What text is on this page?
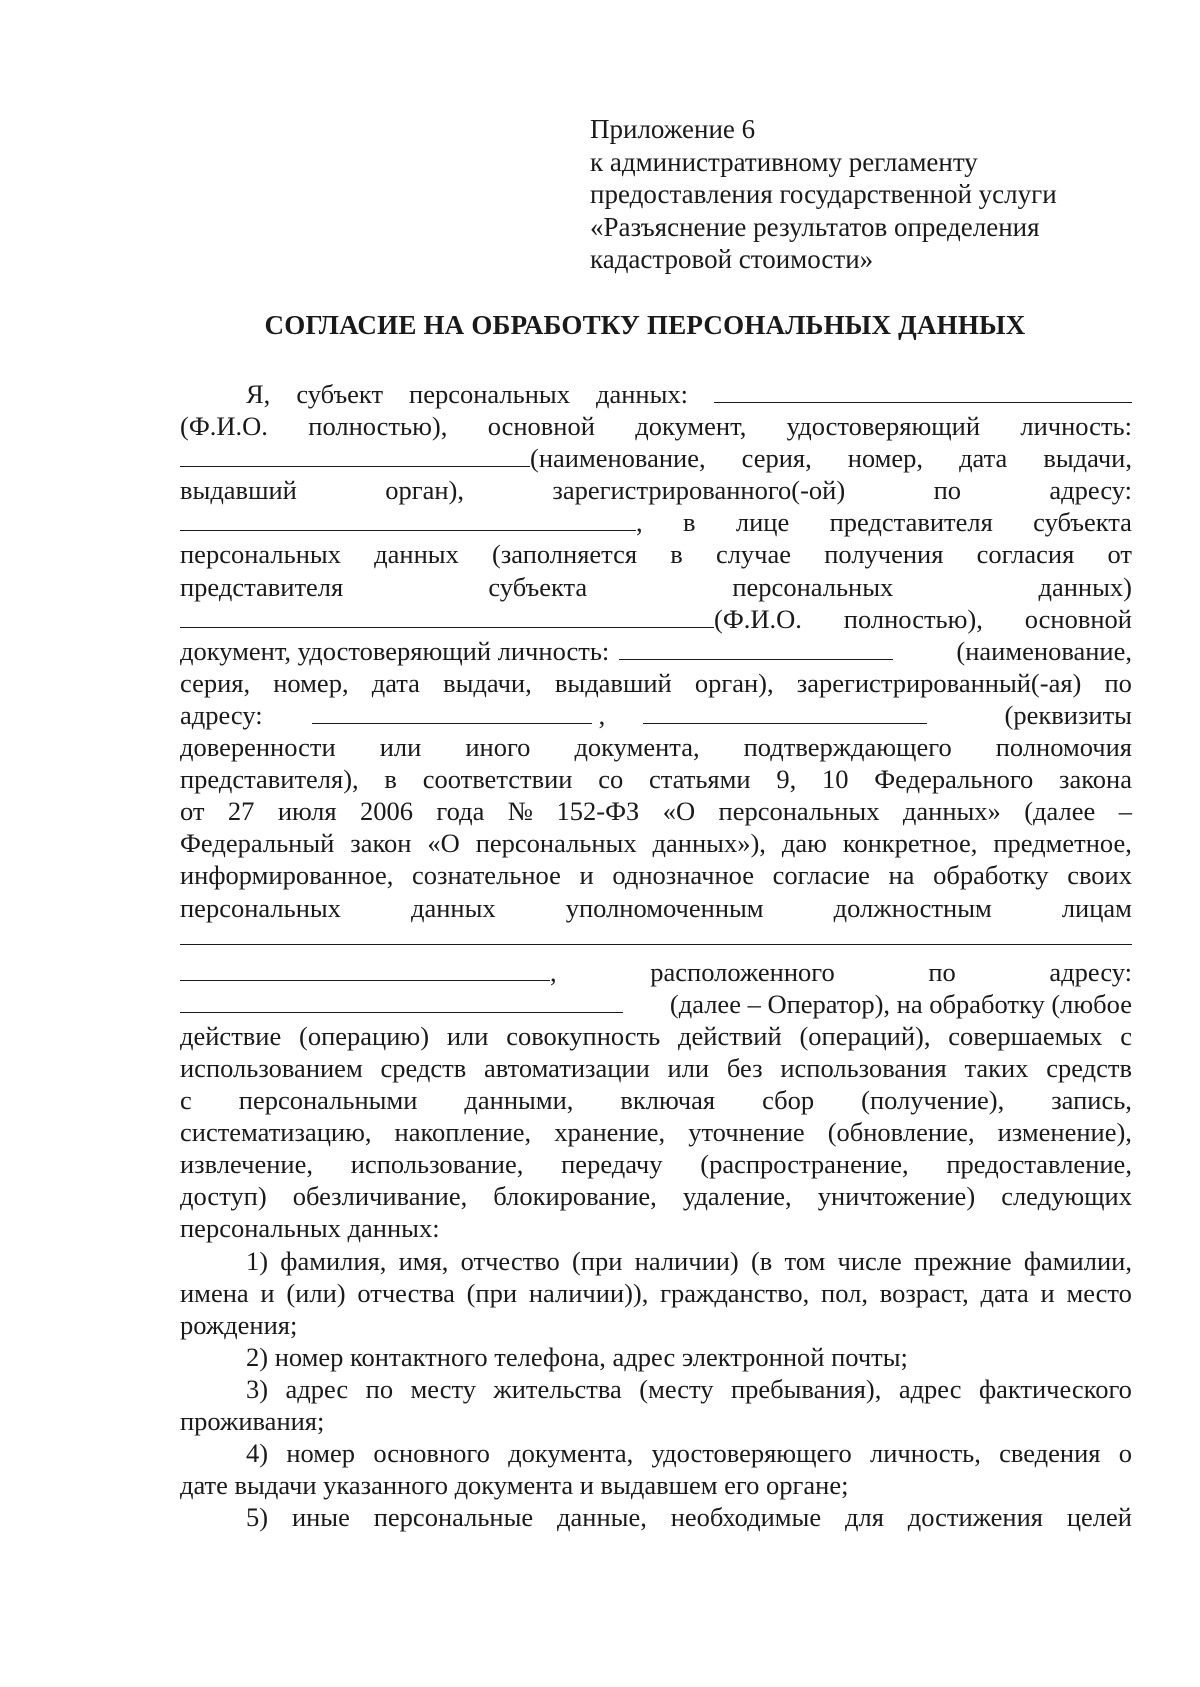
Приложение 6
к административному регламенту
предоставления государственной услуги
«Разъяснение результатов определения
кадастровой стоимости»
СОГЛАСИЕ НА ОБРАБОТКУ ПЕРСОНАЛЬНЫХ ДАННЫХ
Я, субъект персональных данных:
(Ф.И.О. полностью), основной документ, удостоверяющий личность:
(наименование, серия, номер, дата выдачи,
выдавший	орган),	зарегистрированного(-ой)	по	адресу:
, в лице представителя субъекта
персональных данных (заполняется в случае получения согласия от
представителя	субъекта	персональных	данных)
(Ф.И.О. полностью), основной
документ, удостоверяющий личность:	(наименование,
серия, номер, дата выдачи, выдавший орган), зарегистрированный(-ая) по
адресу:	,	(реквизиты
доверенности или иного документа, подтверждающего полномочия
представителя), в соответствии со статьями 9, 10 Федерального закона
от 27 июля 2006 года № 152-ФЗ «О персональных данных» (далее –
Федеральный закон «О персональных данных»), даю конкретное, предметное,
информированное, сознательное и однозначное согласие на обработку своих
персональных	данных	уполномоченным	должностным	лицам
,	расположенного	по	адресу:
(далее – Оператор), на обработку (любое
действие (операцию) или совокупность действий (операций), совершаемых с
использованием средств автоматизации или без использования таких средств
с персональными данными, включая сбор (получение), запись,
систематизацию, накопление, хранение, уточнение (обновление, изменение),
извлечение, использование, передачу (распространение, предоставление,
доступ) обезличивание, блокирование, удаление, уничтожение) следующих
персональных данных:
1) фамилия, имя, отчество (при наличии) (в том числе прежние фамилии,
имена и (или) отчества (при наличии)), гражданство, пол, возраст, дата и место
рождения;
2) номер контактного телефона, адрес электронной почты;
3) адрес по месту жительства (месту пребывания), адрес фактического
проживания;
4) номер основного документа, удостоверяющего личность, сведения о
дате выдачи указанного документа и выдавшем его органе;
5) иные персональные данные, необходимые для достижения целей
